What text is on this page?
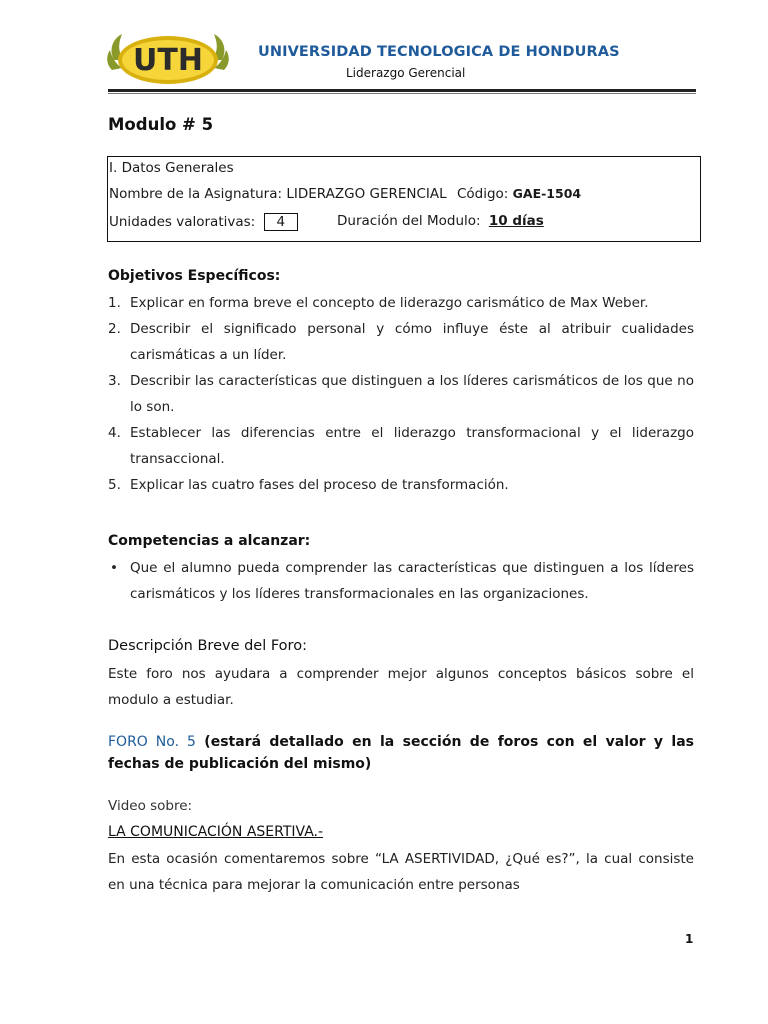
UTH	UNIVERSIDAD TECNOLOGICA DE HONDURAS
Liderazgo Gerencial
Modulo # 5
I. Datos Generales
Nombre de la Asignatura: LIDERAZGO GERENCIAL Código: GAE-1504
Unidades valorativas: 4	Duración del Modulo: 10 días
Objetivos Específicos:
1. Explicar en forma breve el concepto de liderazgo carismático de Max Weber.
2. Describir el significado personal y cómo influye éste al atribuir cualidades
carismáticas a un líder.
3. Describir las características que distinguen a los líderes carismáticos de los que no
lo son.
4. Establecer las diferencias entre el liderazgo transformacional y el liderazgo
transaccional.
5. Explicar las cuatro fases del proceso de transformación.
Competencias a alcanzar:
• Que el alumno pueda comprender las características que distinguen a los líderes
carismáticos y los líderes transformacionales en las organizaciones.
Descripción Breve del Foro:
Este foro nos ayudara a comprender mejor algunos conceptos básicos sobre el
modulo a estudiar.
FORO No. 5 (estará detallado en la sección de foros con el valor y las
fechas de publicación del mismo)
Video sobre:
LA COMUNICACIÓN ASERTIVA.-
En esta ocasión comentaremos sobre “LA ASERTIVIDAD, ¿Qué es?”, la cual consiste
en una técnica para mejorar la comunicación entre personas
1
